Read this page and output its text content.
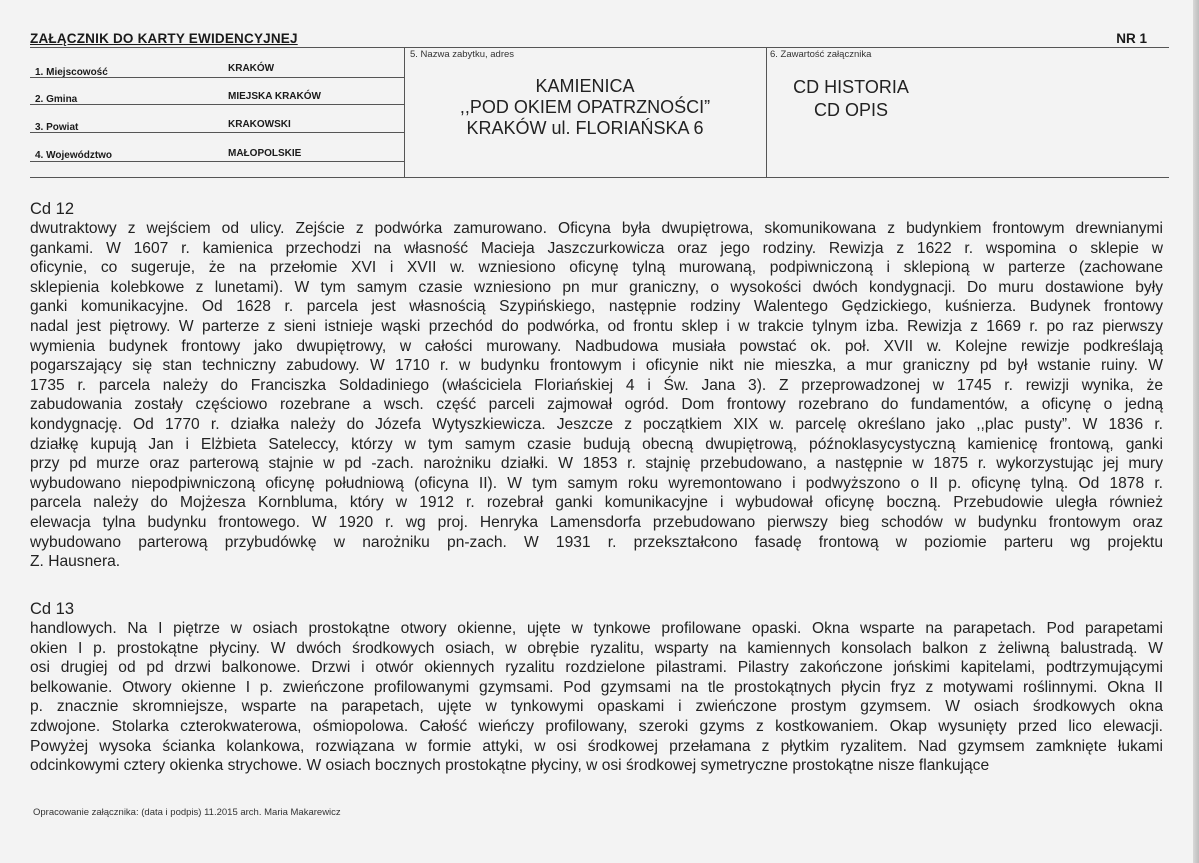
ZAŁĄCZNIK DO KARTY EWIDENCYJNEJ	NR 1
1. Miejscowość	KRAKÓW
2. Gmina	MIEJSKA KRAKÓW
3. Powiat	KRAKOWSKI
4. Województwo	MAŁOPOLSKIE
5. Nazwa zabytku, adres
KAMIENICA
,,POD OKIEM OPATRZNOŚCI”
KRAKÓW ul. FLORIAŃSKA 6
6. Zawartość załącznika
CD HISTORIA
CD OPIS
Cd 12
dwutraktowy z wejściem od ulicy. Zejście z podwórka zamurowano. Oficyna była dwupiętrowa, skomunikowana z budynkiem frontowym drewnianymi
gankami. W 1607 r. kamienica przechodzi na własność Macieja Jaszczurkowicza oraz jego rodziny. Rewizja z 1622 r. wspomina o sklepie w
oficynie, co sugeruje, że na przełomie XVI i XVII w. wzniesiono oficynę tylną murowaną, podpiwniczoną i sklepioną w parterze (zachowane
sklepienia kolebkowe z lunetami). W tym samym czasie wzniesiono pn mur graniczny, o wysokości dwóch kondygnacji. Do muru dostawione były
ganki komunikacyjne. Od 1628 r. parcela jest własnością Szypińskiego, następnie rodziny Walentego Gędzickiego, kuśnierza. Budynek frontowy
nadal jest piętrowy. W parterze z sieni istnieje wąski przechód do podwórka, od frontu sklep i w trakcie tylnym izba. Rewizja z 1669 r. po raz pierwszy
wymienia budynek frontowy jako dwupiętrowy, w całości murowany. Nadbudowa musiała powstać ok. poł. XVII w. Kolejne rewizje podkreślają
pogarszający się stan techniczny zabudowy. W 1710 r. w budynku frontowym i oficynie nikt nie mieszka, a mur graniczny pd był wstanie ruiny. W
1735 r. parcela należy do Franciszka Soldadiniego (właściciela Floriańskiej 4 i Św. Jana 3). Z przeprowadzonej w 1745 r. rewizji wynika, że
zabudowania zostały częściowo rozebrane a wsch. część parceli zajmował ogród. Dom frontowy rozebrano do fundamentów, a oficynę o jedną
kondygnację. Od 1770 r. działka należy do Józefa Wytyszkiewicza. Jeszcze z początkiem XIX w. parcelę określano jako ,,plac pusty”. W 1836 r.
działkę kupują Jan i Elżbieta Sateleccy, którzy w tym samym czasie budują obecną dwupiętrową, późnoklasycystyczną kamienicę frontową, ganki
przy pd murze oraz parterową stajnie w pd -zach. narożniku działki. W 1853 r. stajnię przebudowano, a następnie w 1875 r. wykorzystując jej mury
wybudowano niepodpiwniczoną oficynę południową (oficyna II). W tym samym roku wyremontowano i podwyższono o II p. oficynę tylną. Od 1878 r.
parcela należy do Mojżesza Kornbluma, który w 1912 r. rozebrał ganki komunikacyjne i wybudował oficynę boczną. Przebudowie uległa również
elewacja tylna budynku frontowego. W 1920 r. wg proj. Henryka Lamensdorfa przebudowano pierwszy bieg schodów w budynku frontowym oraz
wybudowano parterową przybudówkę w narożniku pn-zach. W 1931 r. przekształcono fasadę frontową w poziomie parteru wg projektu
Z. Hausnera.
Cd 13
handlowych. Na I piętrze w osiach prostokątne otwory okienne, ujęte w tynkowe profilowane opaski. Okna wsparte na parapetach. Pod parapetami
okien I p. prostokątne płyciny. W dwóch środkowych osiach, w obrębie ryzalitu, wsparty na kamiennych konsolach balkon z żeliwną balustradą. W
osi drugiej od pd drzwi balkonowe. Drzwi i otwór okiennych ryzalitu rozdzielone pilastrami. Pilastry zakończone jońskimi kapitelami, podtrzymującymi
belkowanie. Otwory okienne I p. zwieńczone profilowanymi gzymsami. Pod gzymsami na tle prostokątnych płycin fryz z motywami roślinnymi. Okna II
p. znacznie skromniejsze, wsparte na parapetach, ujęte w tynkowymi opaskami i zwieńczone prostym gzymsem. W osiach środkowych okna
zdwojone. Stolarka czterokwaterowa, ośmiopolowa. Całość wieńczy profilowany, szeroki gzyms z kostkowaniem. Okap wysunięty przed lico elewacji.
Powyżej wysoka ścianka kolankowa, rozwiązana w formie attyki, w osi środkowej przełamana z płytkim ryzalitem. Nad gzymsem zamknięte łukami
odcinkowymi cztery okienka strychowe. W osiach bocznych prostokątne płyciny, w osi środkowej symetryczne prostokątne nisze flankujące
Opracowanie załącznika: (data i podpis) 11.2015 arch. Maria Makarewicz
